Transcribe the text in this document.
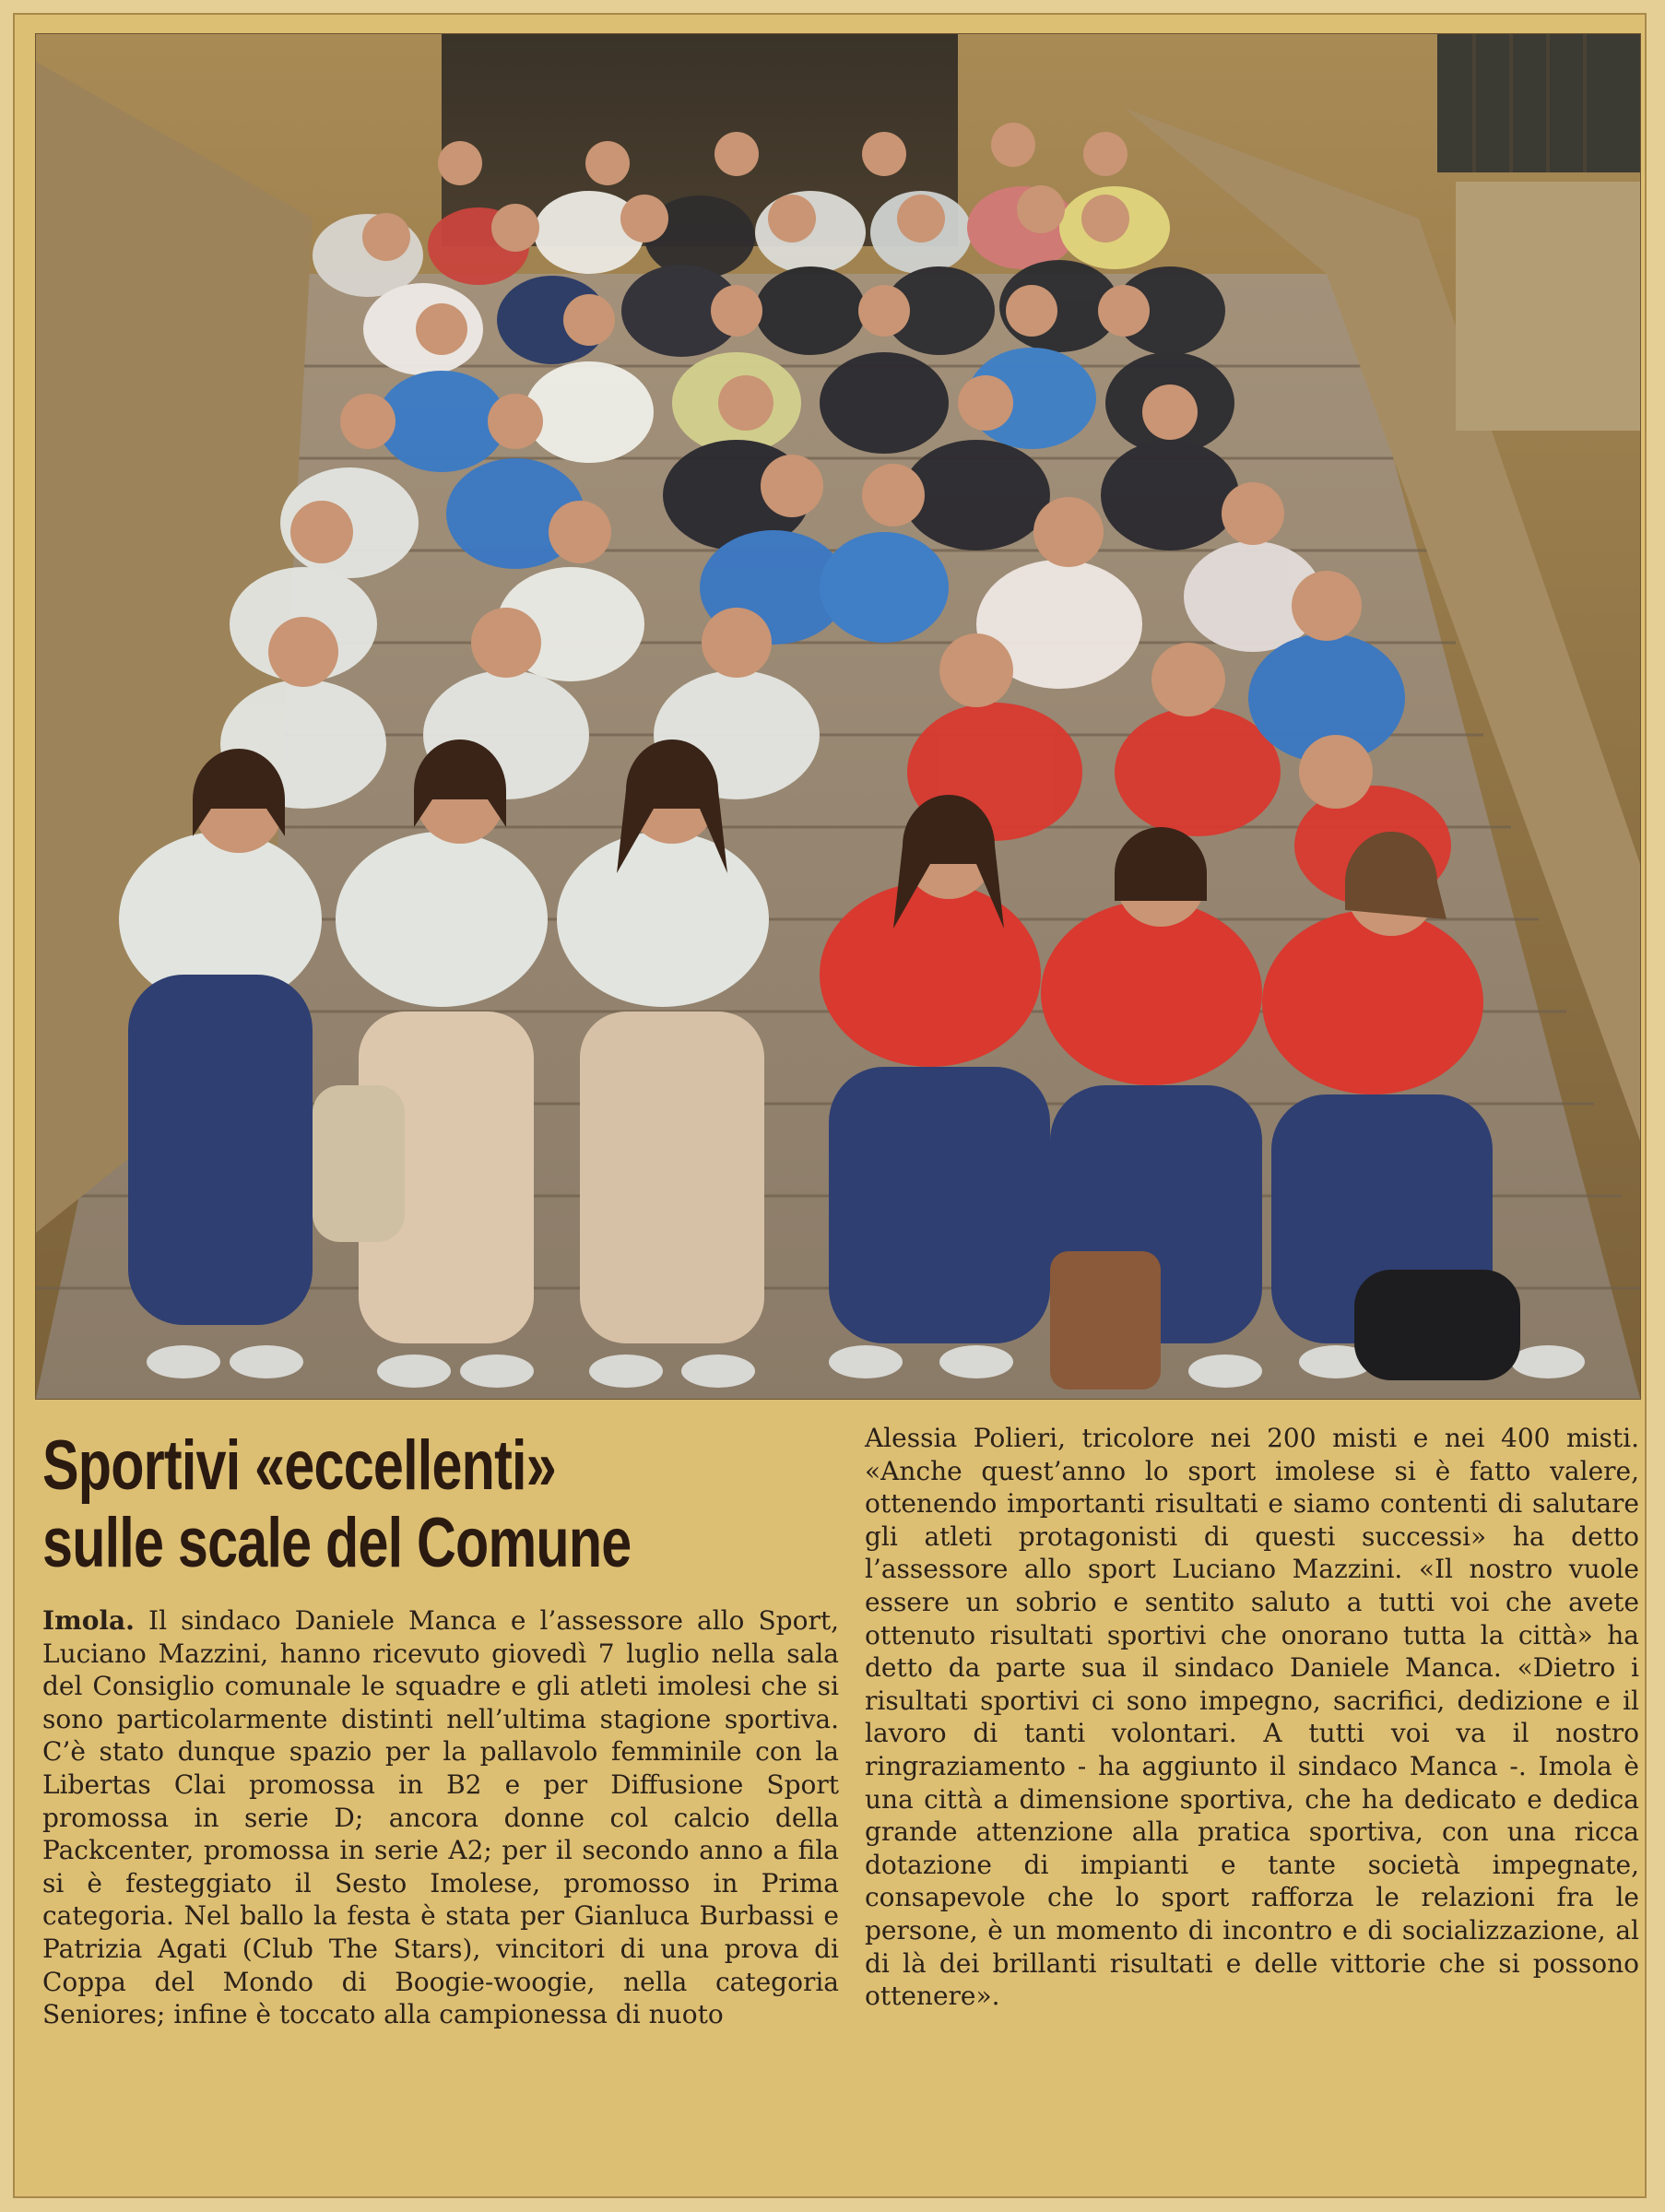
Sportivi «eccellenti»
sulle scale del Comune

Imola. Il sindaco Daniele Manca e l’assessore allo Sport, Luciano Mazzini, hanno ricevuto giovedì 7 luglio nella sala del Consiglio comunale le squadre e gli atleti imolesi che si sono particolarmente distinti nell’ultima stagione sportiva. C’è stato dunque spazio per la pallavolo femminile con la Libertas Clai promossa in B2 e per Diffusione Sport promossa in serie D; ancora donne col calcio della Packcenter, promossa in serie A2; per il secondo anno a fila si è festeggiato il Sesto Imolese, promosso in Prima categoria. Nel ballo la festa è stata per Gianluca Burbassi e Patrizia Agati (Club The Stars), vincitori di una prova di Coppa del Mondo di Boogie-woogie, nella categoria Seniores; infine è toccato alla campionessa di nuoto

Alessia Polieri, tricolore nei 200 misti e nei 400 misti. «Anche quest’anno lo sport imolese si è fatto valere, ottenendo importanti risultati e siamo contenti di salutare gli atleti protagonisti di questi successi» ha detto l’assessore allo sport Luciano Mazzini. «Il nostro vuole essere un sobrio e sentito saluto a tutti voi che avete ottenuto risultati sportivi che onorano tutta la città» ha detto da parte sua il sindaco Daniele Manca. «Dietro i risultati sportivi ci sono impegno, sacrifici, dedizione e il lavoro di tanti volontari. A tutti voi va il nostro ringraziamento - ha aggiunto il sindaco Manca -. Imola è una città a dimensione sportiva, che ha dedicato e dedica grande attenzione alla pratica sportiva, con una ricca dotazione di impianti e tante società impegnate, consapevole che lo sport rafforza le relazioni fra le persone, è un momento di incontro e di socializzazione, al di là dei brillanti risultati e delle vittorie che si possono ottenere».
